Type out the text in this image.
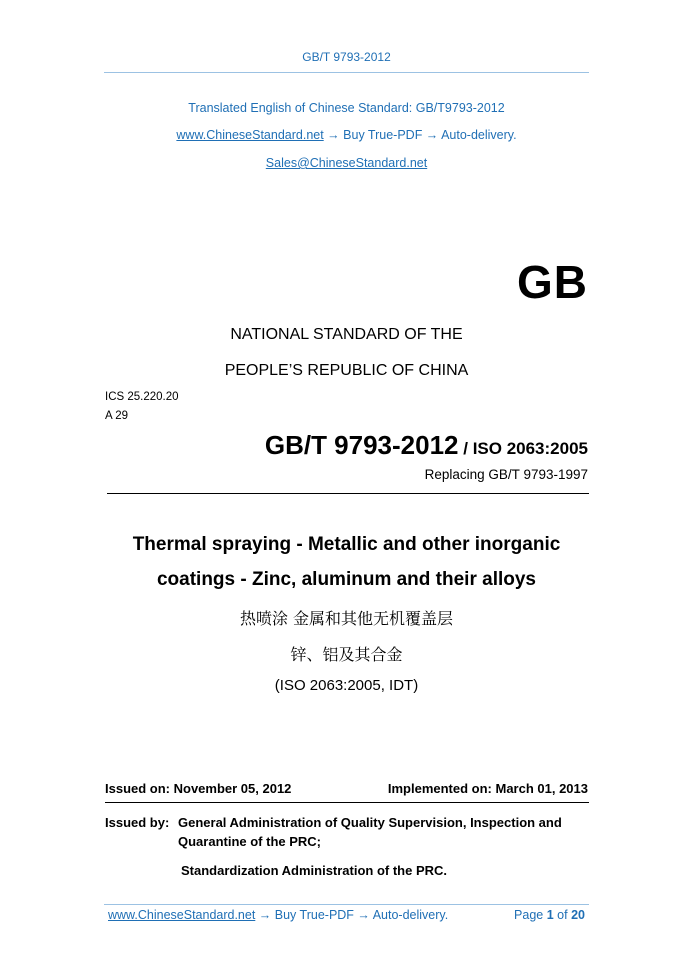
GB/T 9793-2012
Translated English of Chinese Standard: GB/T9793-2012
www.ChineseStandard.net → Buy True-PDF → Auto-delivery.
Sales@ChineseStandard.net
GB
NATIONAL STANDARD OF THE
PEOPLE’S REPUBLIC OF CHINA
ICS 25.220.20
A 29
GB/T 9793-2012 / ISO 2063:2005
Replacing GB/T 9793-1997
Thermal spraying - Metallic and other inorganic
coatings - Zinc, aluminum and their alloys
热喷涂 金属和其他无机覆盖层
锌、铝及其合金
(ISO 2063:2005, IDT)
Issued on: November 05, 2012	Implemented on: March 01, 2013
Issued by: General Administration of Quality Supervision, Inspection and
Quarantine of the PRC;
Standardization Administration of the PRC.
www.ChineseStandard.net → Buy True-PDF → Auto-delivery.	Page 1 of 20
